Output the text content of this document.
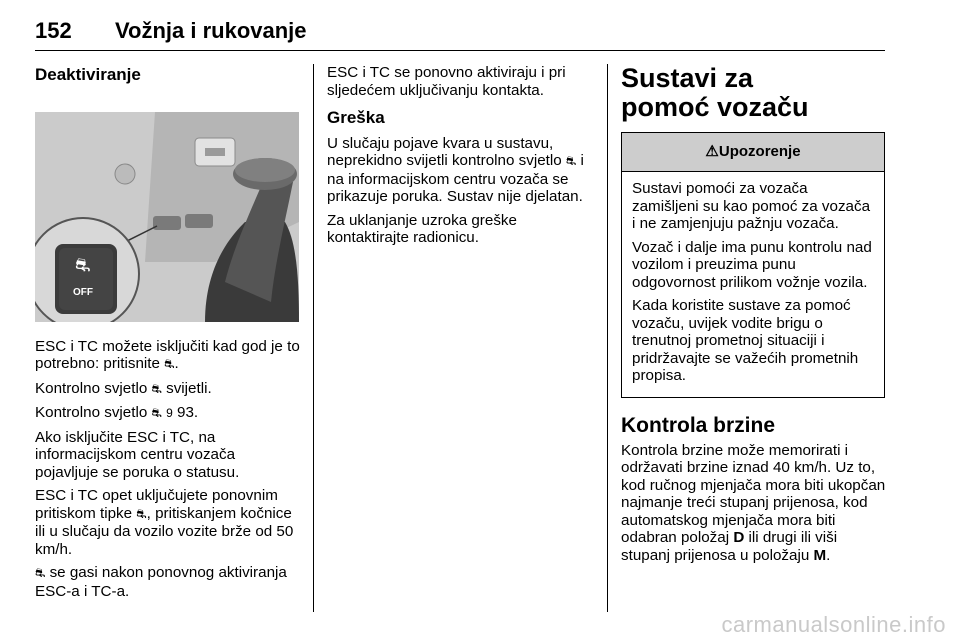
152 Vožnja i rukovanje
Deaktiviranje
⛐
OFF

ESC i TC možete isključiti kad god je to potrebno: pritisnite ⛐.

Kontrolno svjetlo ⛐ svijetli.

Kontrolno svjetlo ⛐ 9 93.

Ako isključite ESC i TC, na informacijskom centru vozača pojavljuje se poruka o statusu.

ESC i TC opet uključujete ponovnim pritiskom tipke ⛐, pritiskanjem kočnice ili u slučaju da vozilo vozite brže od 50 km/h.

⛐ se gasi nakon ponovnog aktiviranja ESC-a i TC-a.

ESC i TC se ponovno aktiviraju i pri sljedećem uključivanju kontakta.

Greška

U slučaju pojave kvara u sustavu, neprekidno svijetli kontrolno svjetlo ⛐ i na informacijskom centru vozača se prikazuje poruka. Sustav nije djelatan.

Za uklanjanje uzroka greške kontaktirajte radionicu.

Sustavi za pomoć vozaču
⚠Upozorenje

Sustavi pomoći za vozača zamišljeni su kao pomoć za vozača i ne zamjenjuju pažnju vozača.

Vozač i dalje ima punu kontrolu nad vozilom i preuzima punu odgovornost prilikom vožnje vozila.

Kada koristite sustave za pomoć vozaču, uvijek vodite brigu o trenutnoj prometnoj situaciji i pridržavajte se važećih prometnih propisa.

Kontrola brzine

Kontrola brzine može memorirati i održavati brzine iznad 40 km/h. Uz to, kod ručnog mjenjača mora biti ukopčan najmanje treći stupanj prijenosa, kod automatskog mjenjača mora biti odabran položaj D ili drugi ili viši stupanj prijenosa u položaju M.

carmanualsonline.info
